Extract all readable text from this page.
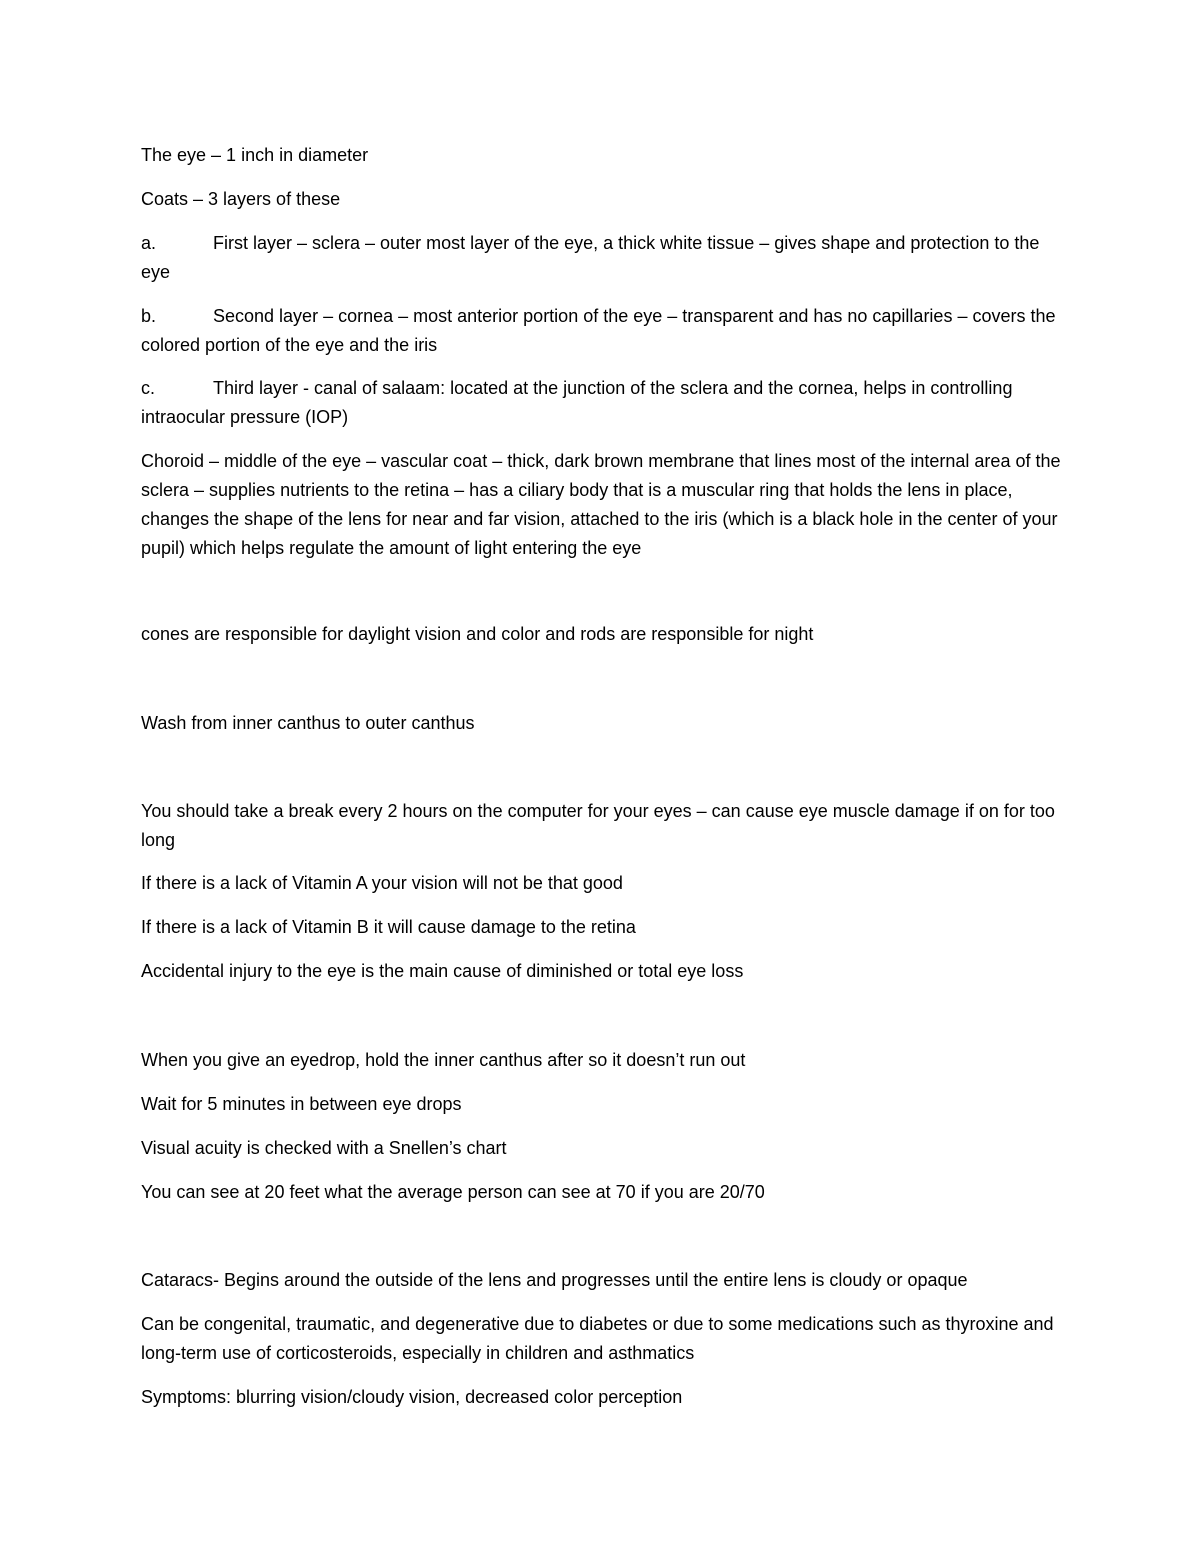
The eye – 1 inch in diameter

Coats – 3 layers of these

a.	First layer – sclera – outer most layer of the eye, a thick white tissue – gives shape and protection to the eye

b.	Second layer – cornea – most anterior portion of the eye – transparent and has no capillaries – covers the colored portion of the eye and the iris

c.	Third layer - canal of salaam: located at the junction of the sclera and the cornea, helps in controlling intraocular pressure (IOP)

Choroid – middle of the eye – vascular coat – thick, dark brown membrane that lines most of the internal area of the sclera – supplies nutrients to the retina – has a ciliary body that is a muscular ring that holds the lens in place, changes the shape of the lens for near and far vision, attached to the iris (which is a black hole in the center of your pupil) which helps regulate the amount of light entering the eye

cones are responsible for daylight vision and color and rods are responsible for night

Wash from inner canthus to outer canthus

You should take a break every 2 hours on the computer for your eyes – can cause eye muscle damage if on for too long

If there is a lack of Vitamin A your vision will not be that good

If there is a lack of Vitamin B it will cause damage to the retina

Accidental injury to the eye is the main cause of diminished or total eye loss

When you give an eyedrop, hold the inner canthus after so it doesn’t run out

Wait for 5 minutes in between eye drops

Visual acuity is checked with a Snellen’s chart

You can see at 20 feet what the average person can see at 70 if you are 20/70

Cataracs- Begins around the outside of the lens and progresses until the entire lens is cloudy or opaque

Can be congenital, traumatic, and degenerative due to diabetes or due to some medications such as thyroxine and long-term use of corticosteroids, especially in children and asthmatics

Symptoms: blurring vision/cloudy vision, decreased color perception
